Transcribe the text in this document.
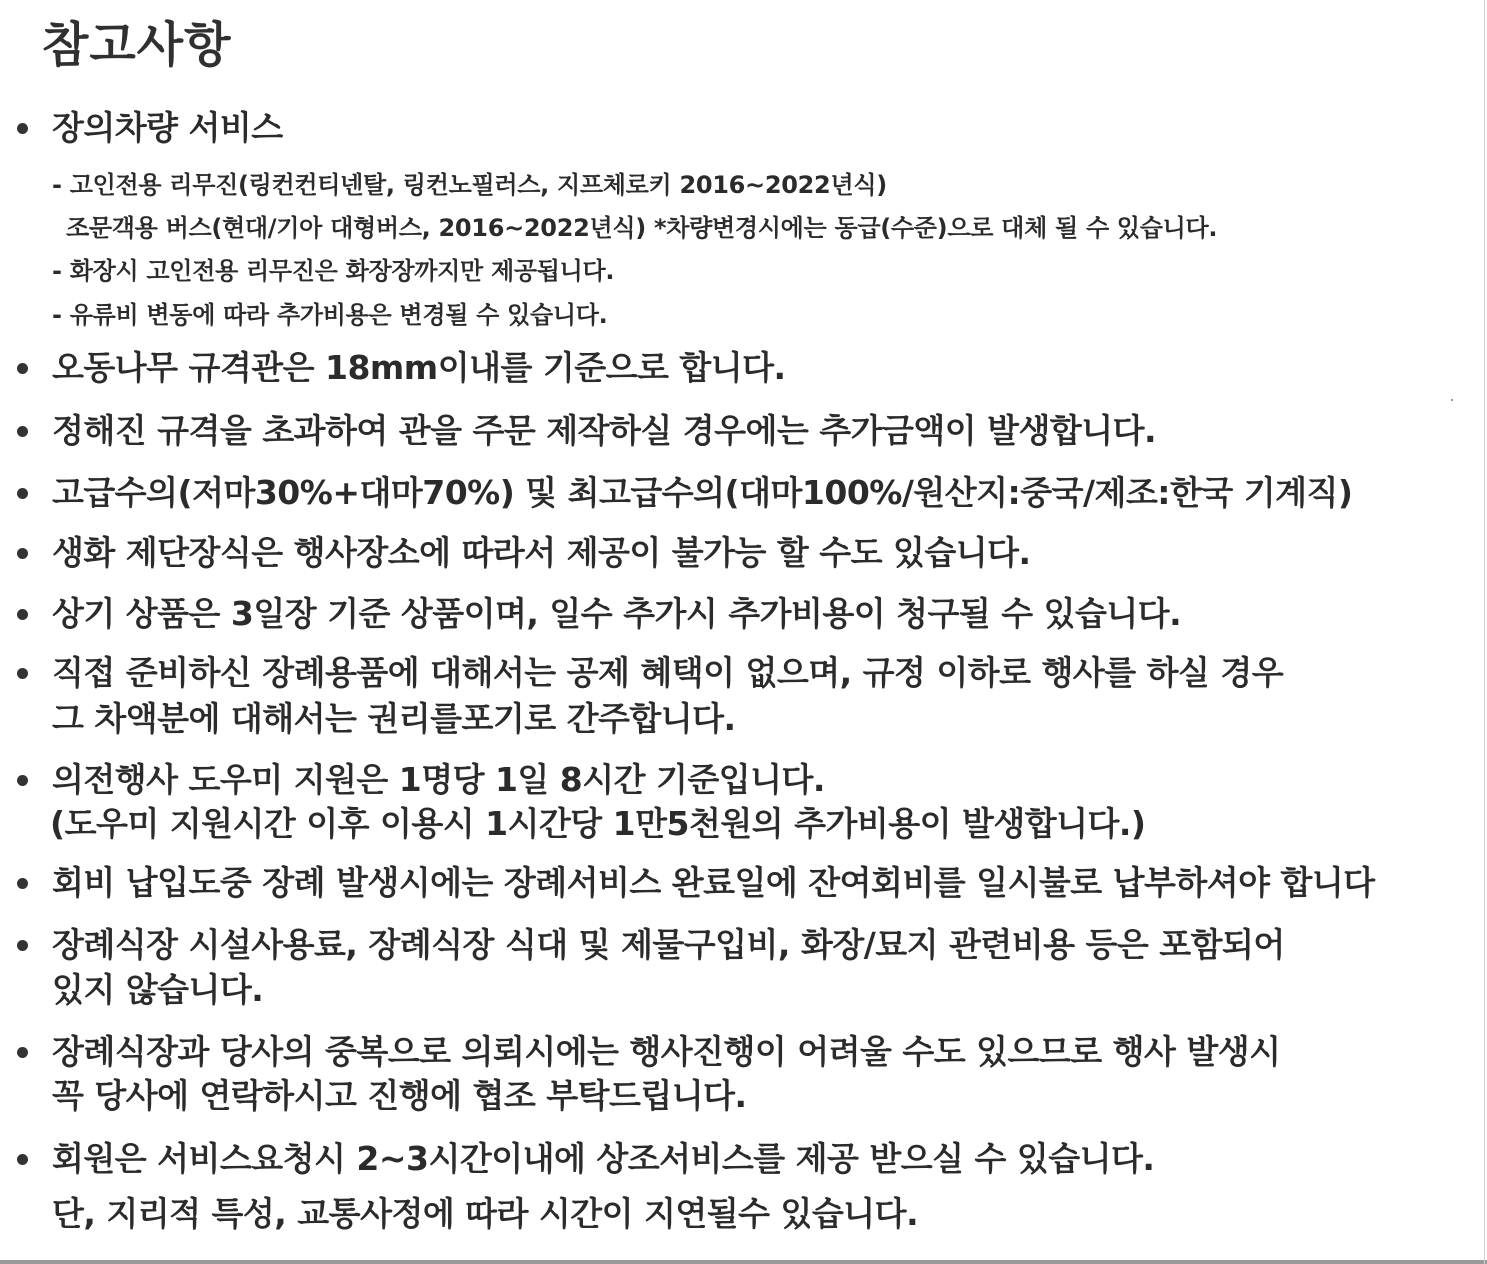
참고사항

장의차량 서비스

- 고인전용 리무진(링컨컨티넨탈, 링컨노필러스, 지프체로키 2016~2022년식)

조문객용 버스(현대/기아 대형버스, 2016~2022년식) *차량변경시에는 동급(수준)으로 대체 될 수 있습니다.

- 화장시 고인전용 리무진은 화장장까지만 제공됩니다.

- 유류비 변동에 따라 추가비용은 변경될 수 있습니다.

오동나무 규격관은 18mm이내를 기준으로 합니다.

정해진 규격을 초과하여 관을 주문 제작하실 경우에는 추가금액이 발생합니다.

고급수의(저마30%+대마70%) 및 최고급수의(대마100%/원산지:중국/제조:한국 기계직)

생화 제단장식은 행사장소에 따라서 제공이 불가능 할 수도 있습니다.

상기 상품은 3일장 기준 상품이며, 일수 추가시 추가비용이 청구될 수 있습니다.

직접 준비하신 장례용품에 대해서는 공제 혜택이 없으며, 규정 이하로 행사를 하실 경우

그 차액분에 대해서는 권리를포기로 간주합니다.

의전행사 도우미 지원은 1명당 1일 8시간 기준입니다.

(도우미 지원시간 이후 이용시 1시간당 1만5천원의 추가비용이 발생합니다.)

회비 납입도중 장례 발생시에는 장례서비스 완료일에 잔여회비를 일시불로 납부하셔야 합니다

장례식장 시설사용료, 장례식장 식대 및 제물구입비, 화장/묘지 관련비용 등은 포함되어

있지 않습니다.

장례식장과 당사의 중복으로 의뢰시에는 행사진행이 어려울 수도 있으므로 행사 발생시

꼭 당사에 연락하시고 진행에 협조 부탁드립니다.

회원은 서비스요청시 2~3시간이내에 상조서비스를 제공 받으실 수 있습니다.

단, 지리적 특성, 교통사정에 따라 시간이 지연될수 있습니다.
